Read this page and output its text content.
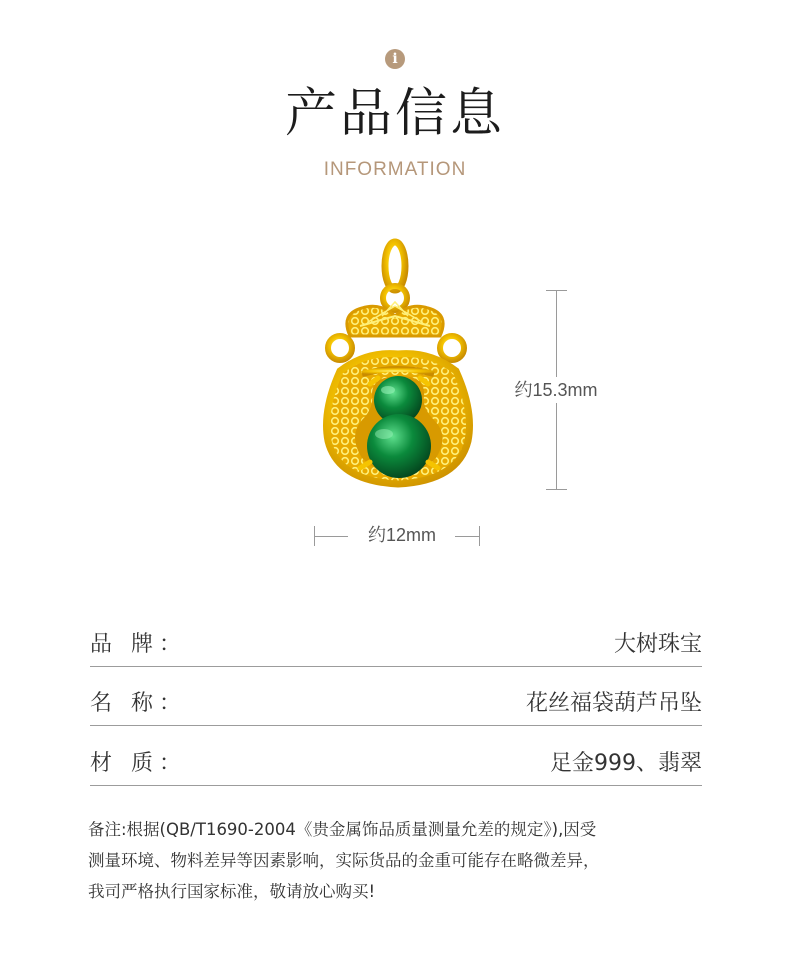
i
产品信息
INFORMATION
约15.3mm
约12mm
品 牌：	大树珠宝
名 称：	花丝福袋葫芦吊坠
材 质：	足金999、翡翠
备注:根据(QB/T1690-2004《贵金属饰品质量测量允差的规定》),因受
测量环境、物料差异等因素影响，实际货品的金重可能存在略微差异，
我司严格执行国家标准，敬请放心购买!
